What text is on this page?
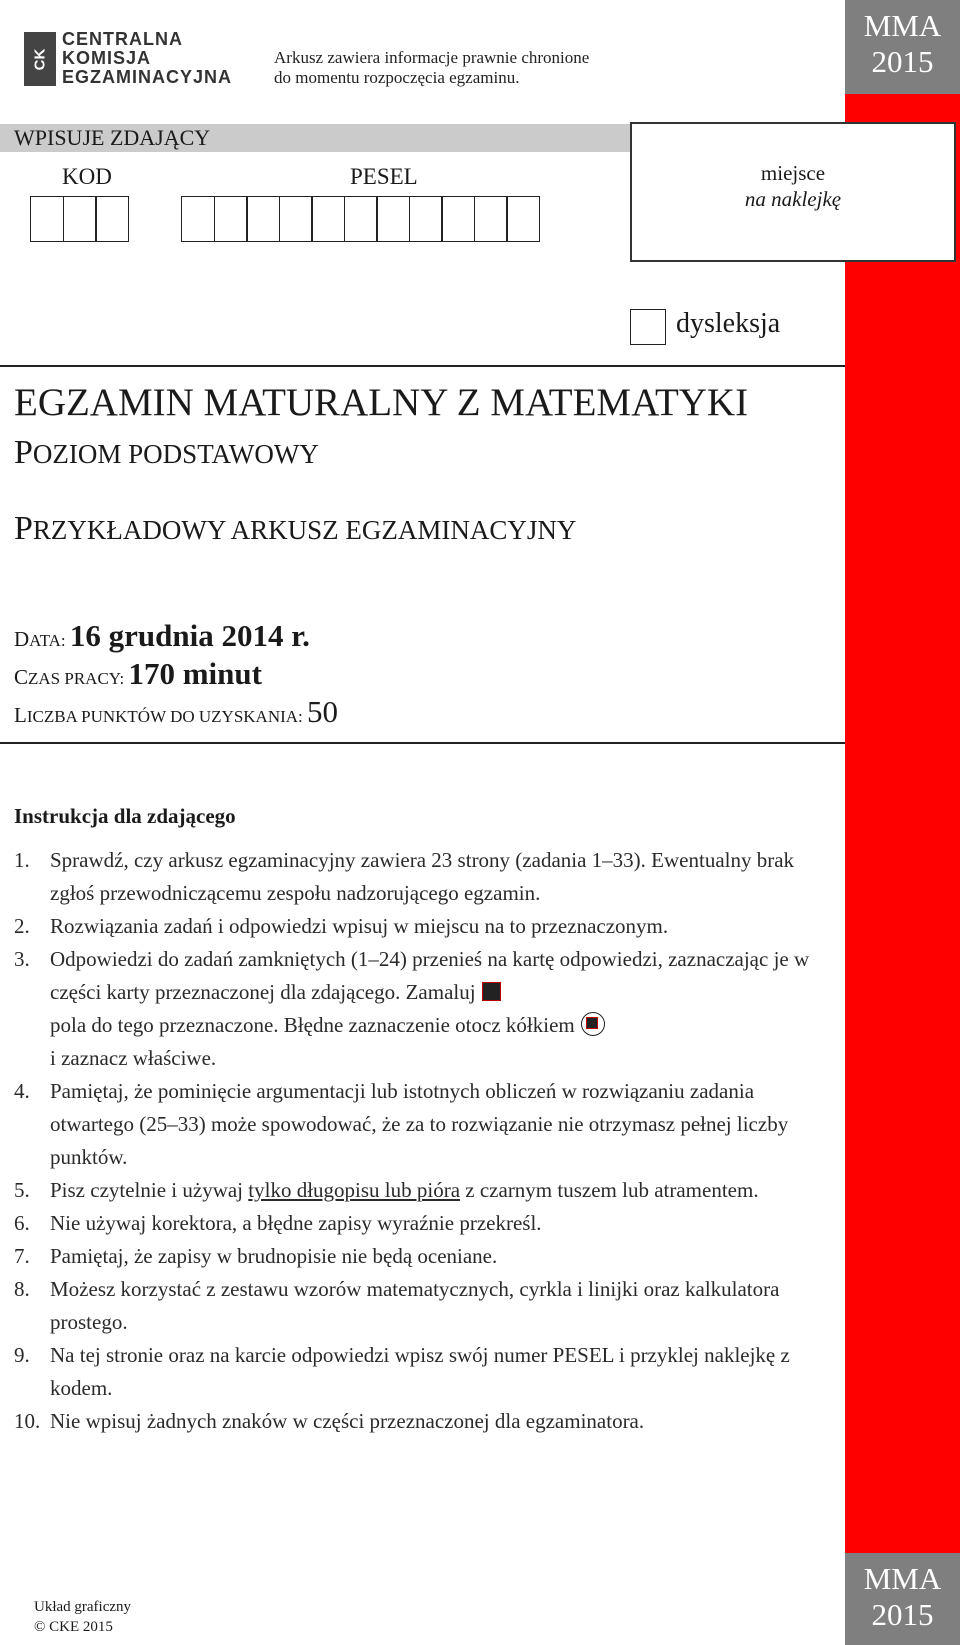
MMA
2015
MMA
2015
CK
CENTRALNA
KOMISJA
EGZAMINACYJNA
Arkusz zawiera informacje prawnie chronione
do momentu rozpoczęcia egzaminu.
WPISUJE ZDAJĄCY
KOD	PESEL	miejsce
na naklejkę
dysleksja
EGZAMIN MATURALNY Z MATEMATYKI
POZIOM PODSTAWOWY
PRZYKŁADOWY ARKUSZ EGZAMINACYJNY
DATA: 16 grudnia 2014 r.
CZAS PRACY: 170 minut
LICZBA PUNKTÓW DO UZYSKANIA: 50
Instrukcja dla zdającego
1. Sprawdź, czy arkusz egzaminacyjny zawiera 23 strony (zadania 1–33). Ewentualny brak zgłoś przewodniczącemu zespołu nadzorującego egzamin.
2. Rozwiązania zadań i odpowiedzi wpisuj w miejscu na to przeznaczonym.
3. Odpowiedzi do zadań zamkniętych (1–24) przenieś na kartę odpowiedzi, zaznaczając je w części karty przeznaczonej dla zdającego. Zamaluj
pola do tego przeznaczone. Błędne zaznaczenie otocz kółkiem
i zaznacz właściwe.
4. Pamiętaj, że pominięcie argumentacji lub istotnych obliczeń w rozwiązaniu zadania otwartego (25–33) może spowodować, że za to rozwiązanie nie otrzymasz pełnej liczby punktów.
5. Pisz czytelnie i używaj tylko długopisu lub pióra z czarnym tuszem lub atramentem.
6. Nie używaj korektora, a błędne zapisy wyraźnie przekreśl.
7. Pamiętaj, że zapisy w brudnopisie nie będą oceniane.
8. Możesz korzystać z zestawu wzorów matematycznych, cyrkla i linijki oraz kalkulatora prostego.
9. Na tej stronie oraz na karcie odpowiedzi wpisz swój numer PESEL i przyklej naklejkę z kodem.
10. Nie wpisuj żadnych znaków w części przeznaczonej dla egzaminatora.
Układ graficzny
© CKE 2015
